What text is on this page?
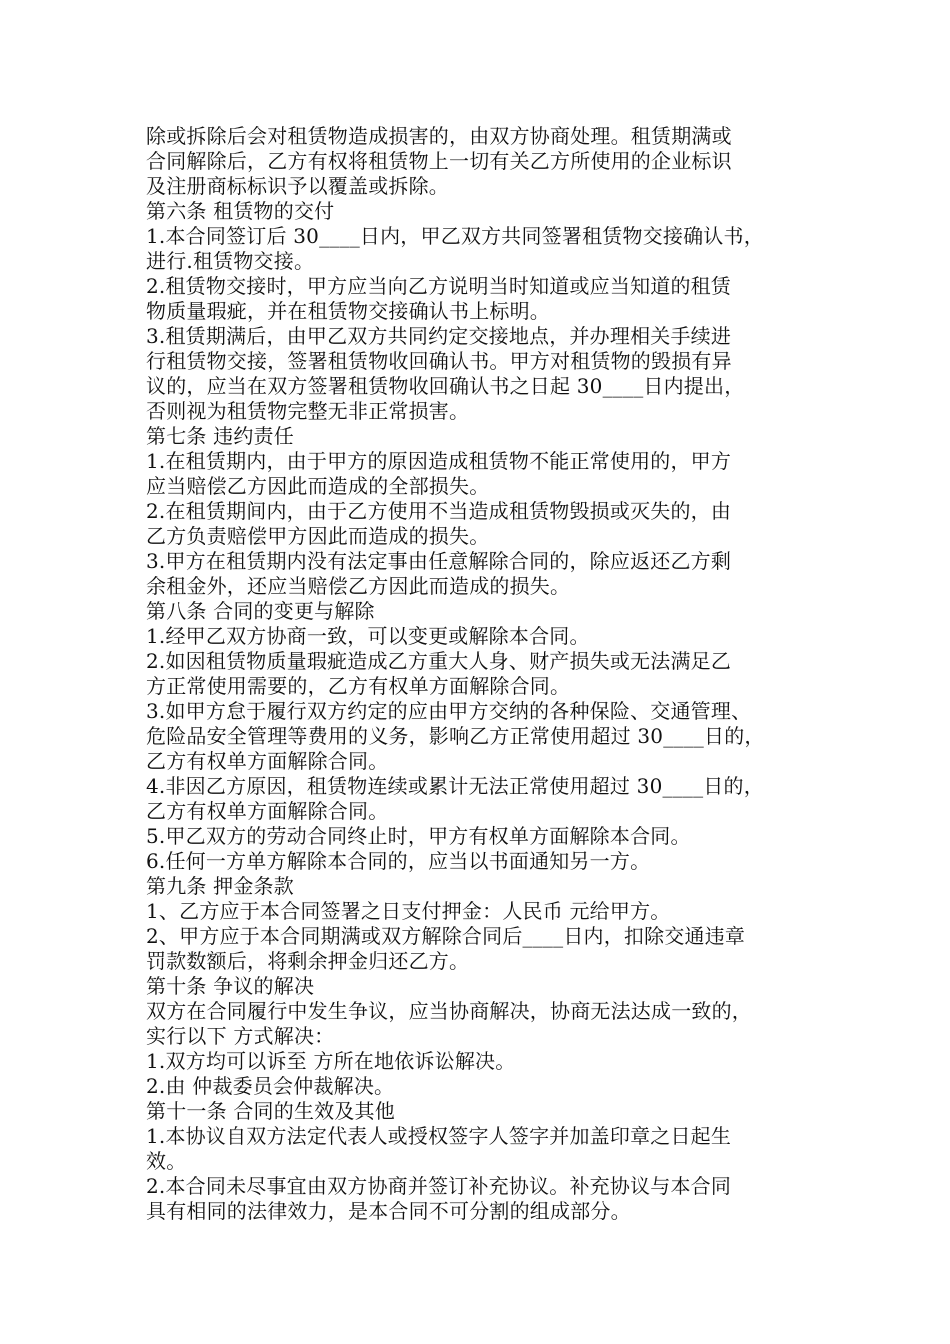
除或拆除后会对租赁物造成损害的，由双方协商处理。租赁期满或
合同解除后，乙方有权将租赁物上一切有关乙方所使用的企业标识
及注册商标标识予以覆盖或拆除。
第六条 租赁物的交付
1.本合同签订后 30____日内，甲乙双方共同签署租赁物交接确认书，
进行.租赁物交接。
2.租赁物交接时，甲方应当向乙方说明当时知道或应当知道的租赁
物质量瑕疵，并在租赁物交接确认书上标明。
3.租赁期满后，由甲乙双方共同约定交接地点，并办理相关手续进
行租赁物交接，签署租赁物收回确认书。甲方对租赁物的毁损有异
议的，应当在双方签署租赁物收回确认书之日起 30____日内提出，
否则视为租赁物完整无非正常损害。
第七条 违约责任
1.在租赁期内，由于甲方的原因造成租赁物不能正常使用的，甲方
应当赔偿乙方因此而造成的全部损失。
2.在租赁期间内，由于乙方使用不当造成租赁物毁损或灭失的，由
乙方负责赔偿甲方因此而造成的损失。
3.甲方在租赁期内没有法定事由任意解除合同的，除应返还乙方剩
余租金外，还应当赔偿乙方因此而造成的损失。
第八条 合同的变更与解除
1.经甲乙双方协商一致，可以变更或解除本合同。
2.如因租赁物质量瑕疵造成乙方重大人身、财产损失或无法满足乙
方正常使用需要的，乙方有权单方面解除合同。
3.如甲方怠于履行双方约定的应由甲方交纳的各种保险、交通管理、
危险品安全管理等费用的义务，影响乙方正常使用超过 30____日的，
乙方有权单方面解除合同。
4.非因乙方原因，租赁物连续或累计无法正常使用超过 30____日的，
乙方有权单方面解除合同。
5.甲乙双方的劳动合同终止时，甲方有权单方面解除本合同。
6.任何一方单方解除本合同的，应当以书面通知另一方。
第九条 押金条款
1、乙方应于本合同签署之日支付押金：人民币 元给甲方。
2、甲方应于本合同期满或双方解除合同后____日内，扣除交通违章
罚款数额后，将剩余押金归还乙方。
第十条 争议的解决
双方在合同履行中发生争议，应当协商解决，协商无法达成一致的，
实行以下 方式解决：
1.双方均可以诉至 方所在地依诉讼解决。
2.由 仲裁委员会仲裁解决。
第十一条 合同的生效及其他
1.本协议自双方法定代表人或授权签字人签字并加盖印章之日起生
效。
2.本合同未尽事宜由双方协商并签订补充协议。补充协议与本合同
具有相同的法律效力，是本合同不可分割的组成部分。
